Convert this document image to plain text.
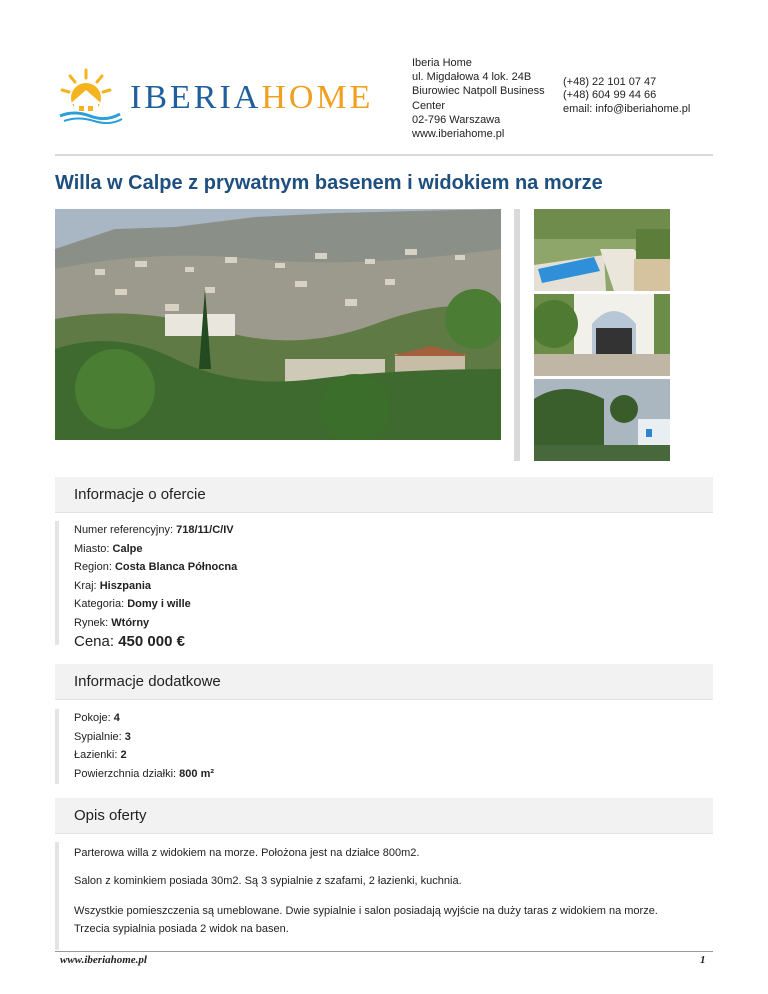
IBERIAHOME
Iberia Home
ul. Migdałowa 4 lok. 24B
Biurowiec Natpoll Business
Center
02-796 Warszawa
www.iberiahome.pl
(+48) 22 101 07 47
(+48) 604 99 44 66
email: info@iberiahome.pl
Willa w Calpe z prywatnym basenem i widokiem na morze
Informacje o ofercie
Numer referencyjny: 718/11/C/IV
Miasto: Calpe
Region: Costa Blanca Północna
Kraj: Hiszpania
Kategoria: Domy i wille
Rynek: Wtórny
Cena: 450 000 €
Informacje dodatkowe
Pokoje: 4
Sypialnie: 3
Łazienki: 2
Powierzchnia działki: 800 m²
Opis oferty

Parterowa willa z widokiem na morze. Położona jest na działce 800m2.

Salon z kominkiem posiada 30m2. Są 3 sypialnie z szafami, 2 łazienki, kuchnia.

Wszystkie pomieszczenia są umeblowane. Dwie sypialnie i salon posiadają wyjście na duży taras z widokiem na morze.

Trzecia sypialnia posiada 2 widok na basen.

www.iberiahome.pl	1
